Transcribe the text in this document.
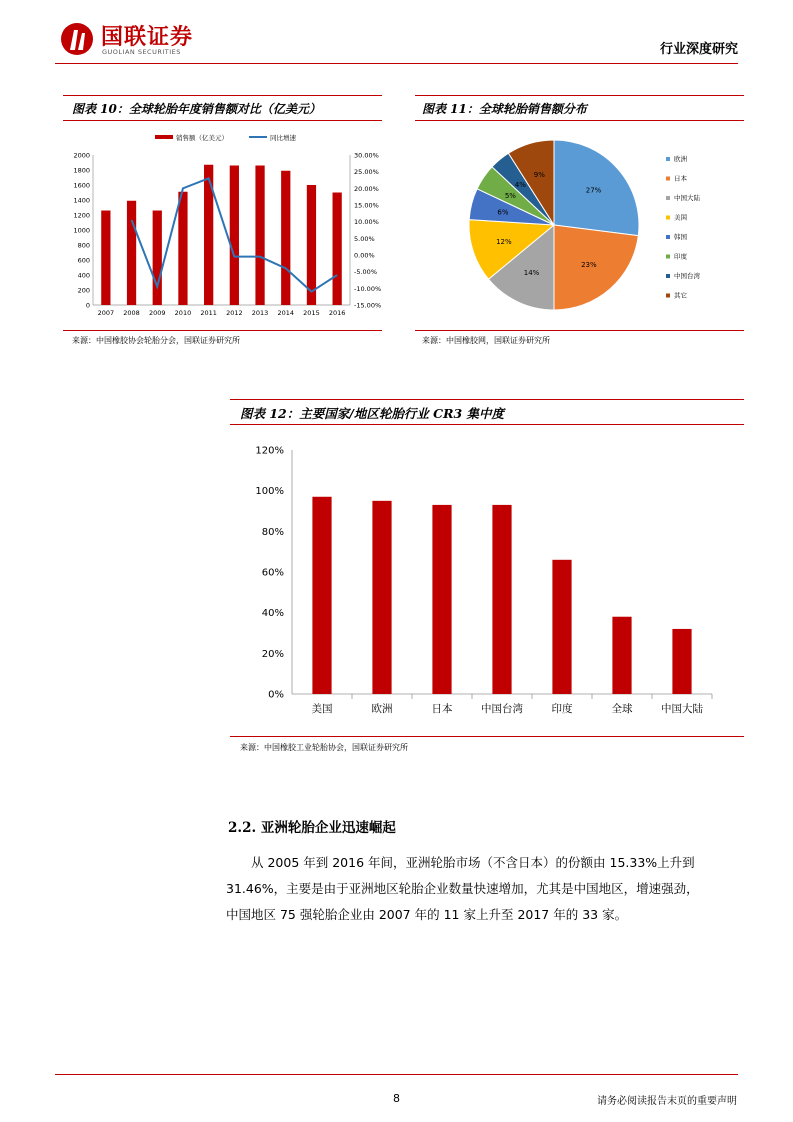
国联证券
GUOLIAN SECURITIES	行业深度研究
图表 10：全球轮胎年度销售额对比（亿美元）
销售额（亿美元）	同比增速
0
200
400
600
800
1000
1200
1400
1600
1800
2000
-15.00%
-10.00%
-5.00%
0.00%
5.00%
10.00%
15.00%
20.00%
25.00%
30.00%
2007 2008 2009 2010 2011 2012 2013 2014 2015 2016
来源：中国橡胶协会轮胎分会，国联证券研究所
图表 11：全球轮胎销售额分布
27%
23%
14%
12%
6%
5%
4%
9%
欧洲
日本
中国大陆
美国
韩国
印度
中国台湾
其它
来源：中国橡胶网，国联证券研究所
图表 12：主要国家/地区轮胎行业 CR3 集中度
0%
20%
40%
60%
80%
100%
120%
美国	欧洲	日本	中国台湾	印度	全球	中国大陆
来源：中国橡胶工业轮胎协会，国联证券研究所
2.2. 亚洲轮胎企业迅速崛起
从 2005 年到 2016 年间，亚洲轮胎市场（不含日本）的份额由 15.33%上升到
31.46%，主要是由于亚洲地区轮胎企业数量快速增加，尤其是中国地区，增速强劲，
中国地区 75 强轮胎企业由 2007 年的 11 家上升至 2017 年的 33 家。
8	请务必阅读报告末页的重要声明
